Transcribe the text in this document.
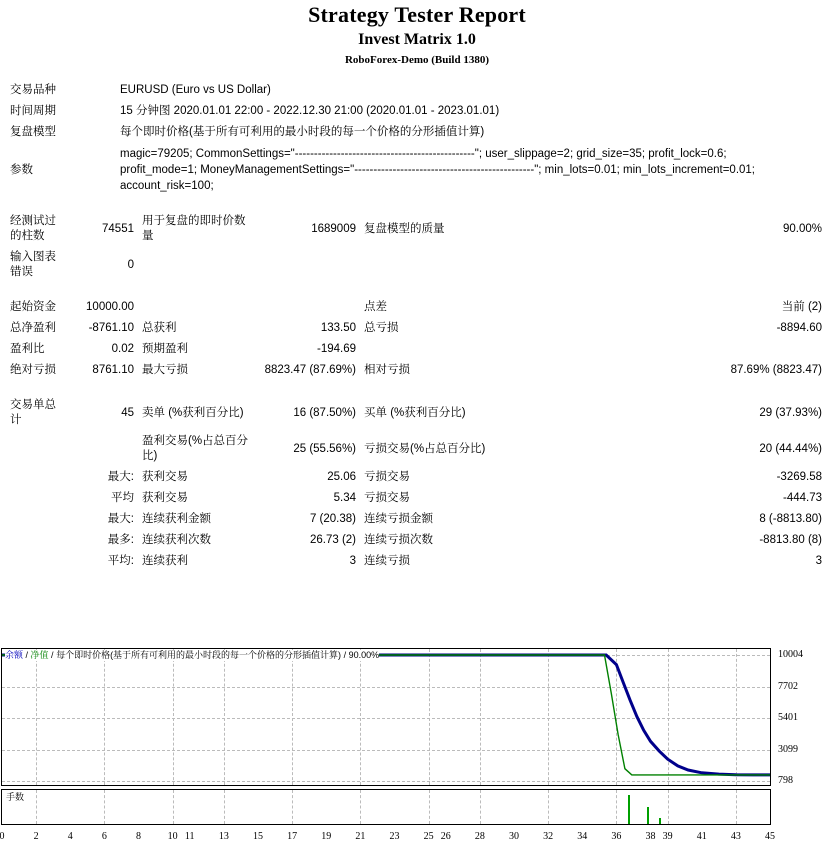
Strategy Tester Report
Invest Matrix 1.0
RoboForex-Demo (Build 1380)
交易品种	EURUSD (Euro vs US Dollar)				
时间周期	15 分钟图 2020.01.01 22:00 - 2022.12.30 21:00 (2020.01.01 - 2023.01.01)				
复盘模型	每个即时价格(基于所有可利用的最小时段的每一个价格的分形插值计算)				
参数	magic=79205; CommonSettings="-----------------------------------------------"; user_slippage=2; grid_size=35; profit_lock=0.6;
profit_mode=1; MoneyManagementSettings="-----------------------------------------------"; min_lots=0.01; min_lots_increment=0.01;
account_risk=100;				

经测试过的柱数	74551	用于复盘的即时价数量	1689009	复盘模型的质量	90.00%
输入图表错误	0				

起始资金	10000.00			点差	当前 (2)
总净盈利	-8761.10	总获利	133.50	总亏损	-8894.60
盈利比	0.02	预期盈利	-194.69		
绝对亏损	8761.10	最大亏损	8823.47 (87.69%)	相对亏损	87.69% (8823.47)

交易单总计	45	卖单 (%获利百分比)	16 (87.50%)	买单 (%获利百分比)	29 (37.93%)
		盈利交易(%占总百分比)	25 (55.56%)	亏损交易(%占总百分比)	20 (44.44%)
	最大:	获利交易	25.06	亏损交易	-3269.58
	平均	获利交易	5.34	亏损交易	-444.73
	最大:	连续获利金额	7 (20.38)	连续亏损金额	8 (-8813.80)
	最多:	连续获利次数	26.73 (2)	连续亏损次数	-8813.80 (8)
	平均:	连续获利	3	连续亏损	3
余额 / 净值 / 每个即时价格(基于所有可利用的最小时段的每一个价格的分形插值计算) / 90.00%
手数
10004
7702
5401
3099
798
0	2	4	6	8	10 11 13 15 17 19 21 23 25 26 28 30 32 34 36 38 39 41 43 45
